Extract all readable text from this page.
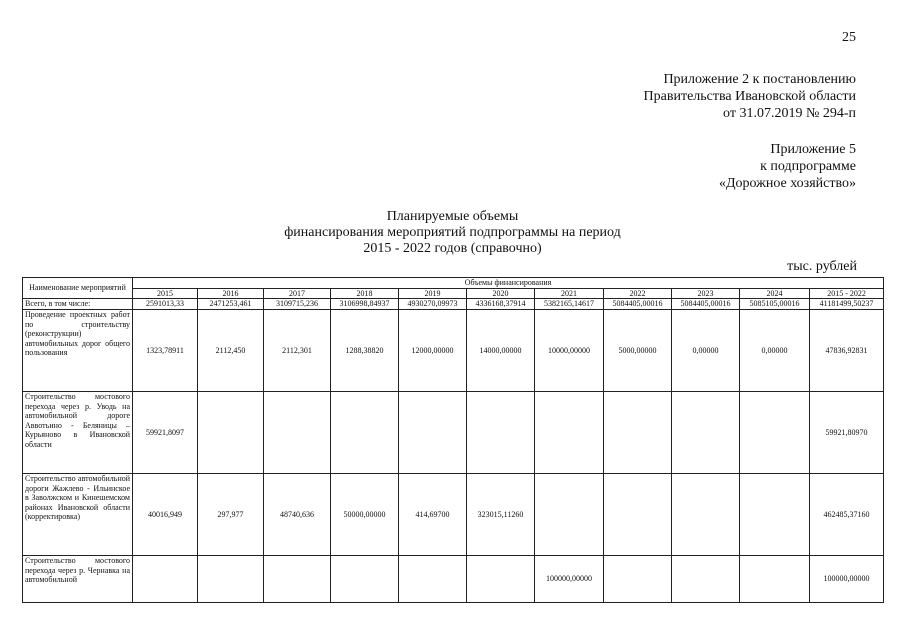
25
Приложение 2 к постановлению
Правительства Ивановской области
от 31.07.2019 № 294-п
Приложение 5
к подпрограмме
«Дорожное хозяйство»
Планируемые объемы
финансирования мероприятий подпрограммы на период
2015 - 2022 годов (справочно)
тыс. рублей
Наименование мероприятий	Объемы финансирования										
	2015	2016	2017	2018	2019	2020	2021	2022	2023	2024	2015 - 2022
Всего, в том числе:	2591013,33	2471253,461	3109715,236	3106998,84937	4930270,09973	4336168,37914	5382165,14617	5084405,00016	5084405,00016	5085105,00016	41181499,50237
Проведение проектных работ по строительству (реконструкции) автомобильных дорог общего пользования	1323,78911	2112,450	2112,301	1288,38820	12000,00000	14000,00000	10000,00000	5000,00000	0,00000	0,00000	47836,92831
Строительство мостового перехода через р. Уводь на автомобильной дороге Аввотьино - Беляницы – Курьяново в Ивановской области	59921,8097										59921,80970
Строительство автомобильной дороги Жажлево - Ильинское в Заволжском и Кинешемском районах Ивановской области (корректировка)	40016,949	297,977	48740,636	50000,00000	414,69700	323015,11260					462485,37160
Строительство мостового перехода через р. Чернавка на автомобильной							100000,00000				100000,00000
